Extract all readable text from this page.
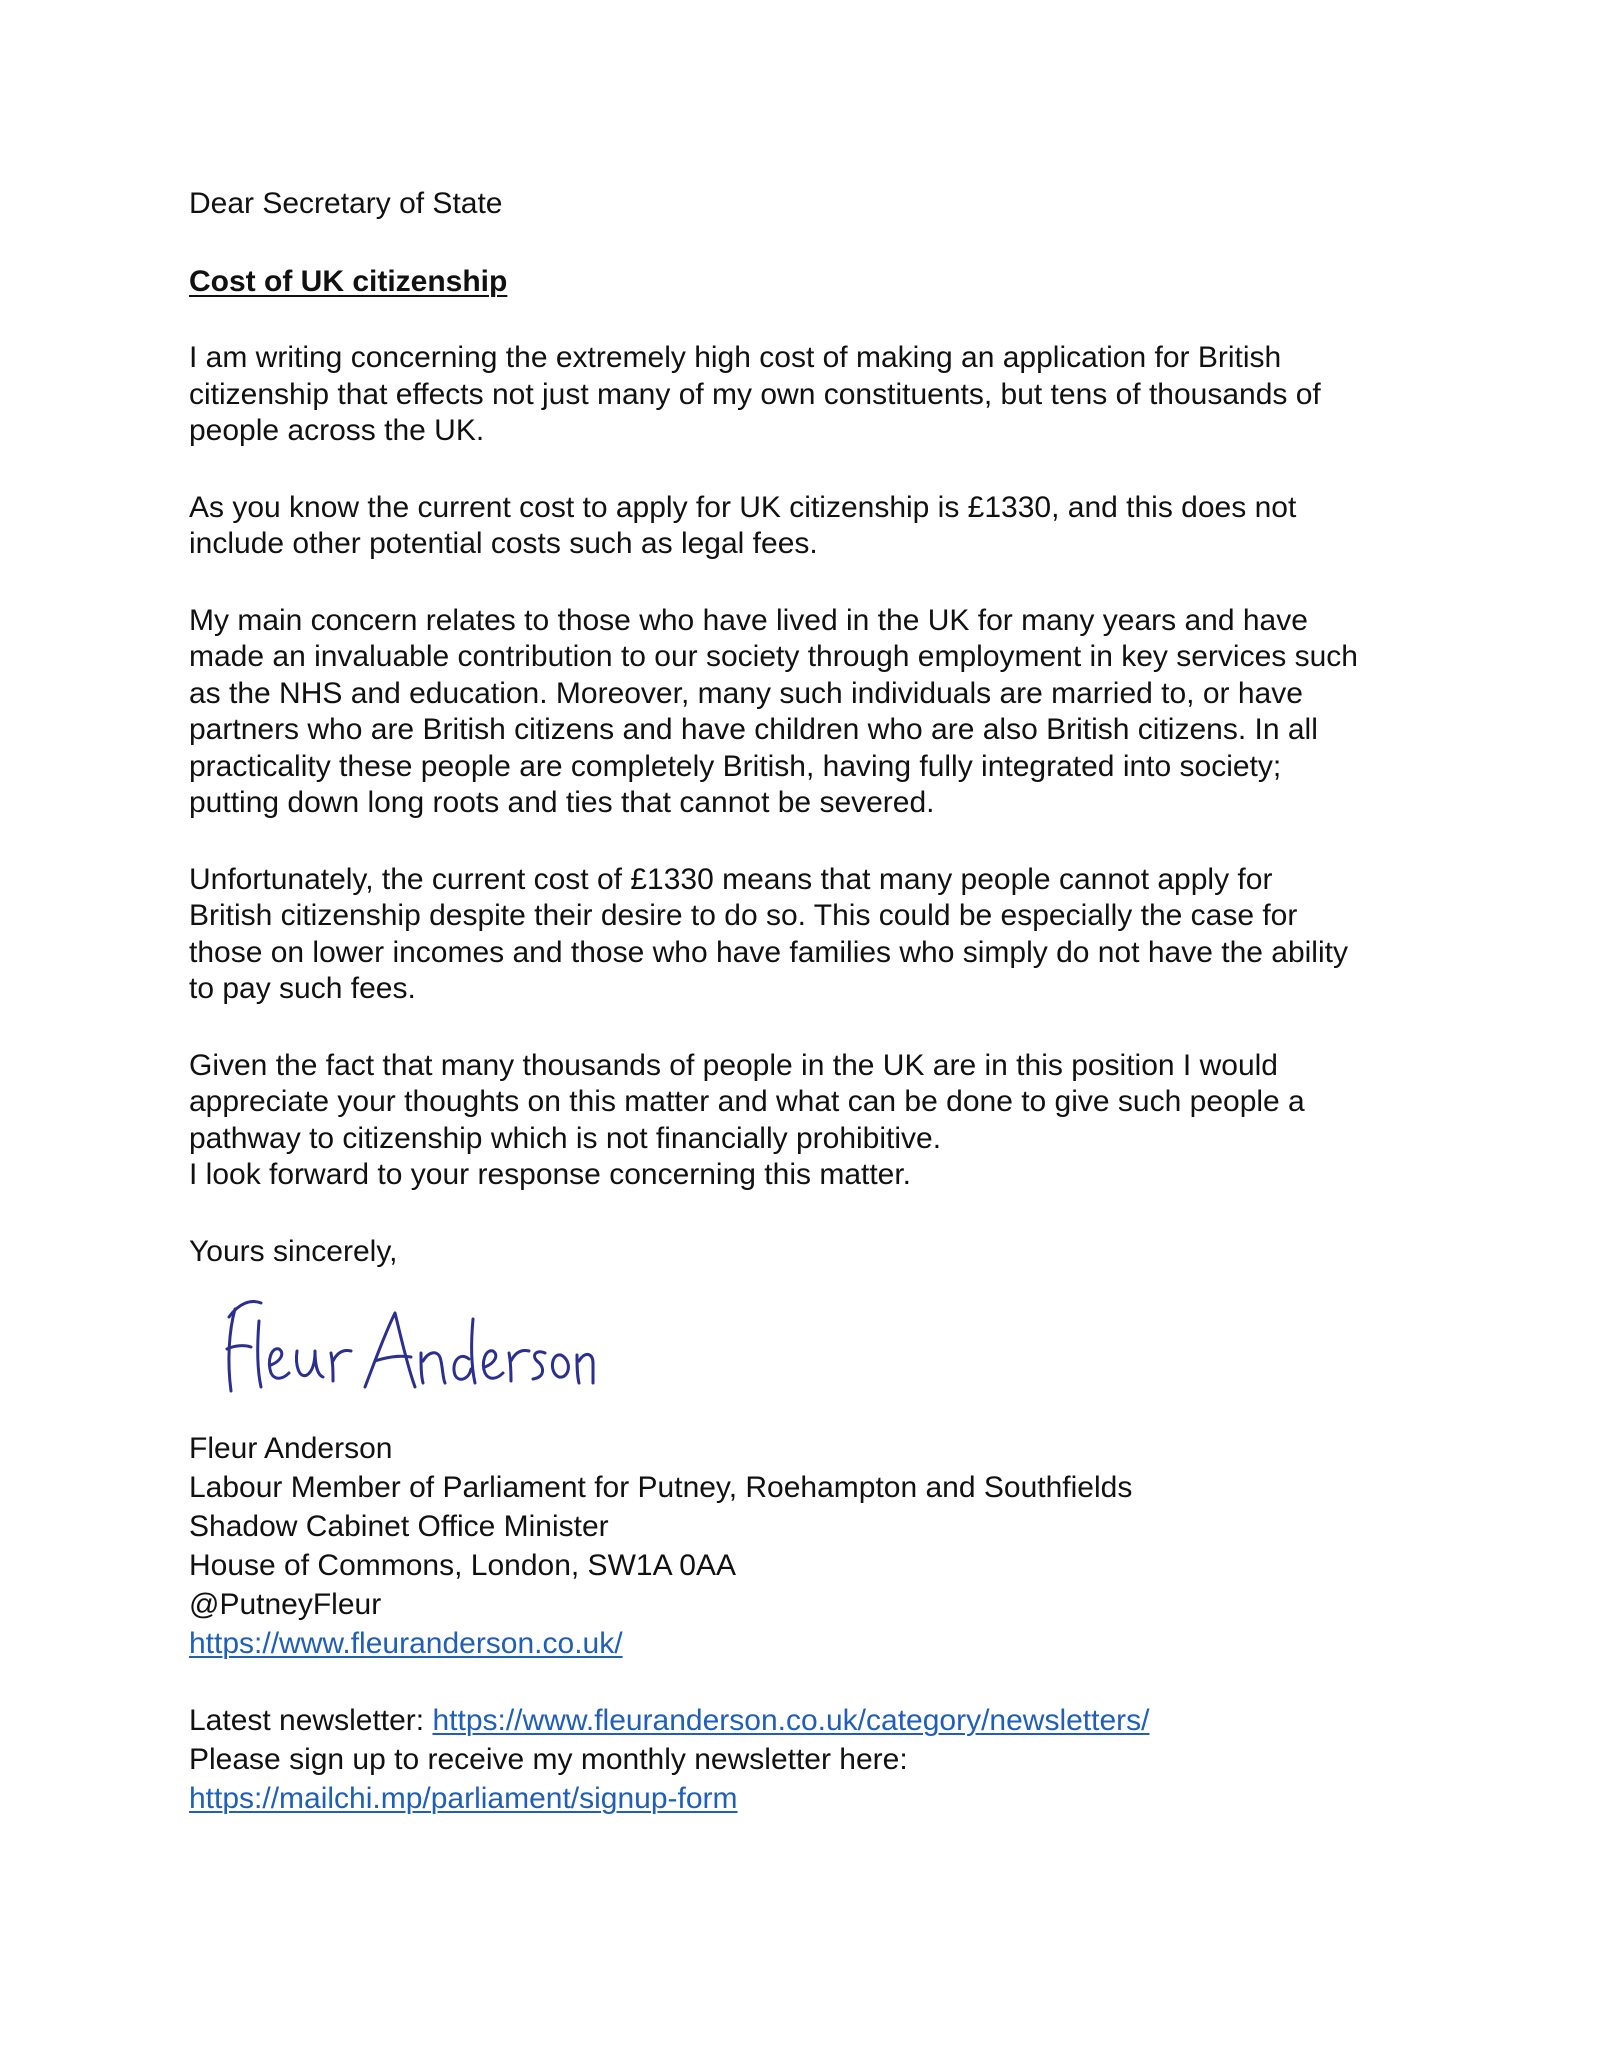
Dear Secretary of State
Cost of UK citizenship
I am writing concerning the extremely high cost of making an application for British
citizenship that effects not just many of my own constituents, but tens of thousands of
people across the UK.
As you know the current cost to apply for UK citizenship is £1330, and this does not
include other potential costs such as legal fees.
My main concern relates to those who have lived in the UK for many years and have
made an invaluable contribution to our society through employment in key services such
as the NHS and education. Moreover, many such individuals are married to, or have
partners who are British citizens and have children who are also British citizens. In all
practicality these people are completely British, having fully integrated into society;
putting down long roots and ties that cannot be severed.
Unfortunately, the current cost of £1330 means that many people cannot apply for
British citizenship despite their desire to do so. This could be especially the case for
those on lower incomes and those who have families who simply do not have the ability
to pay such fees.
Given the fact that many thousands of people in the UK are in this position I would
appreciate your thoughts on this matter and what can be done to give such people a
pathway to citizenship which is not financially prohibitive.
I look forward to your response concerning this matter.
Yours sincerely,
Fleur Anderson
Labour Member of Parliament for Putney, Roehampton and Southfields
Shadow Cabinet Office Minister
House of Commons, London, SW1A 0AA
@PutneyFleur
https://www.fleuranderson.co.uk/
Latest newsletter: https://www.fleuranderson.co.uk/category/newsletters/
Please sign up to receive my monthly newsletter here:
https://mailchi.mp/parliament/signup-form
